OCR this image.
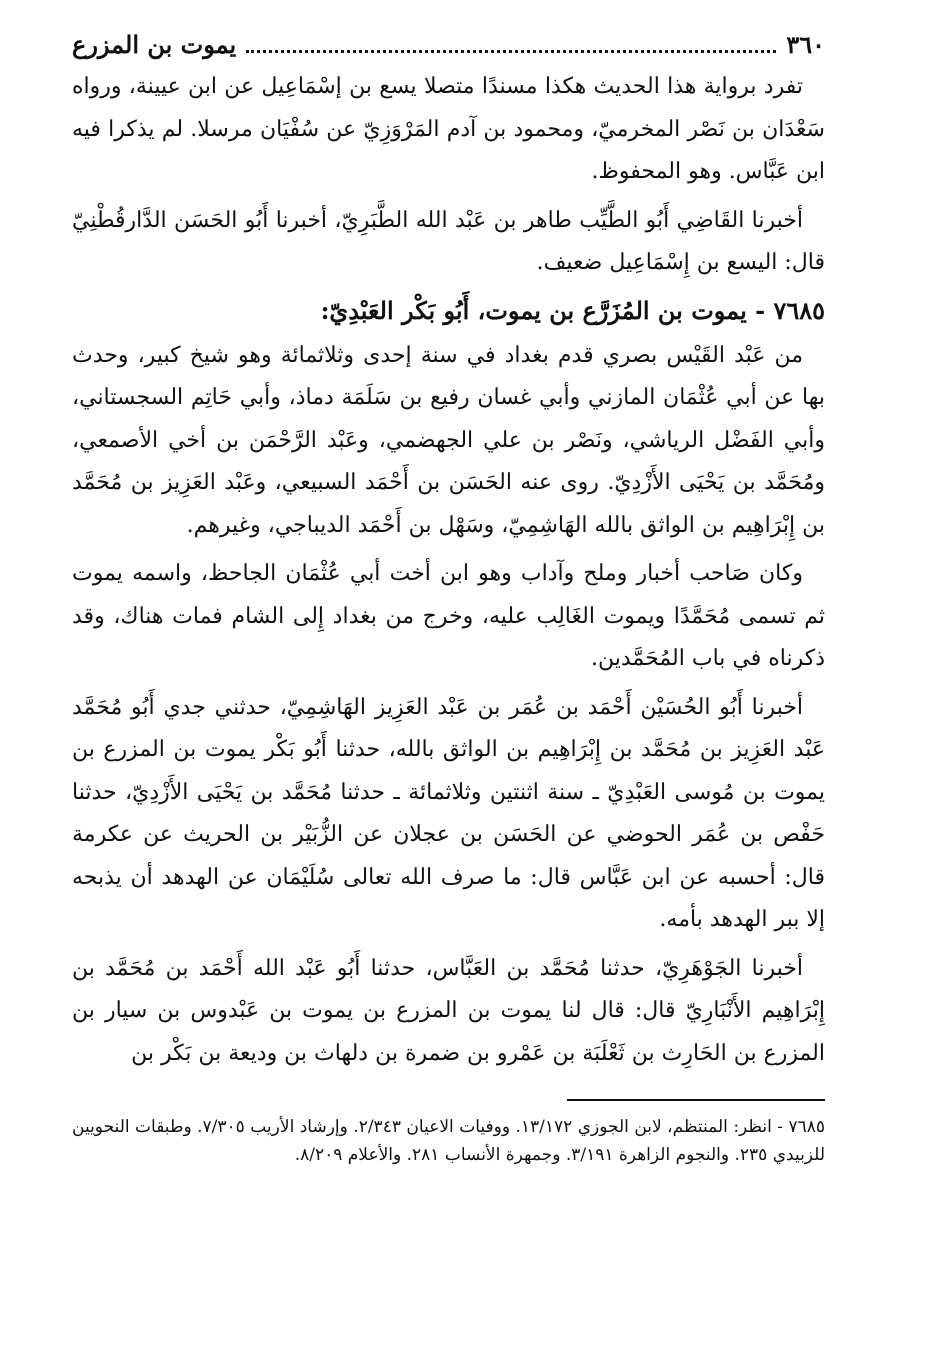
٣٦٠
يموت بن المزرع

تفرد برواية هذا الحديث هكذا مسندًا متصلا يسع بن إسْمَاعِيل عن ابن عيينة، ورواه سَعْدَان بن نَصْر المخرميّ، ومحمود بن آدم المَرْوَزِيّ عن سُفْيَان مرسلا. لم يذكرا فيه ابن عَبَّاس. وهو المحفوظ.

أخبرنا القَاضِي أَبُو الطَّيِّب طاهر بن عَبْد الله الطَّبَرِيّ، أخبرنا أَبُو الحَسَن الدَّارقُطْنِيّ قال: اليسع بن إِسْمَاعِيل ضعيف.

٧٦٨٥ - يموت بن المُزَرَّع بن يموت، أَبُو بَكْر العَبْدِيّ:

من عَبْد القَيْس بصري قدم بغداد في سنة إحدى وثلاثمائة وهو شيخ كبير، وحدث بها عن أبي عُثْمَان المازني وأبي غسان رفيع بن سَلَمَة دماذ، وأبي حَاتِم السجستاني، وأبي الفَضْل الرياشي، ونَصْر بن علي الجهضمي، وعَبْد الرَّحْمَن بن أخي الأصمعي، ومُحَمَّد بن يَحْيَى الأَزْدِيّ. روى عنه الحَسَن بن أَحْمَد السبيعي، وعَبْد العَزِيز بن مُحَمَّد بن إِبْرَاهِيم بن الواثق بالله الهَاشِمِيّ، وسَهْل بن أَحْمَد الديباجي، وغيرهم.

وكان صَاحب أخبار وملح وآداب وهو ابن أخت أبي عُثْمَان الجاحظ، واسمه يموت ثم تسمى مُحَمَّدًا ويموت الغَالِب عليه، وخرج من بغداد إِلى الشام فمات هناك، وقد ذكرناه في باب المُحَمَّدين.

أخبرنا أَبُو الحُسَيْن أَحْمَد بن عُمَر بن عَبْد العَزِيز الهَاشِمِيّ، حدثني جدي أَبُو مُحَمَّد عَبْد العَزِيز بن مُحَمَّد بن إِبْرَاهِيم بن الواثق بالله، حدثنا أَبُو بَكْر يموت بن المزرع بن يموت بن مُوسى العَبْدِيّ ـ سنة اثنتين وثلاثمائة ـ حدثنا مُحَمَّد بن يَحْيَى الأَزْدِيّ، حدثنا حَفْص بن عُمَر الحوضي عن الحَسَن بن عجلان عن الزُّبَيْر بن الحريث عن عكرمة قال: أحسبه عن ابن عَبَّاس قال: ما صرف الله تعالى سُلَيْمَان عن الهدهد أن يذبحه إلا ببر الهدهد بأمه.

أخبرنا الجَوْهَرِيّ، حدثنا مُحَمَّد بن العَبَّاس، حدثنا أَبُو عَبْد الله أَحْمَد بن مُحَمَّد بن إِبْرَاهِيم الأَنْبَارِيّ قال: قال لنا يموت بن المزرع بن يموت بن عَبْدوس بن سيار بن المزرع بن الحَارِث بن ثَعْلَبَة بن عَمْرو بن ضمرة بن دلهاث بن وديعة بن بَكْر بن

٧٦٨٥ - انظر: المنتظم، لابن الجوزي ١٣/١٧٢. ووفيات الاعيان ٢/٣٤٣. وإرشاد الأريب ٧/٣٠٥. وطبقات النحويين للزبيدي ٢٣٥. والنجوم الزاهرة ٣/١٩١. وجمهرة الأنساب ٢٨١. والأعلام ٨/٢٠٩.
